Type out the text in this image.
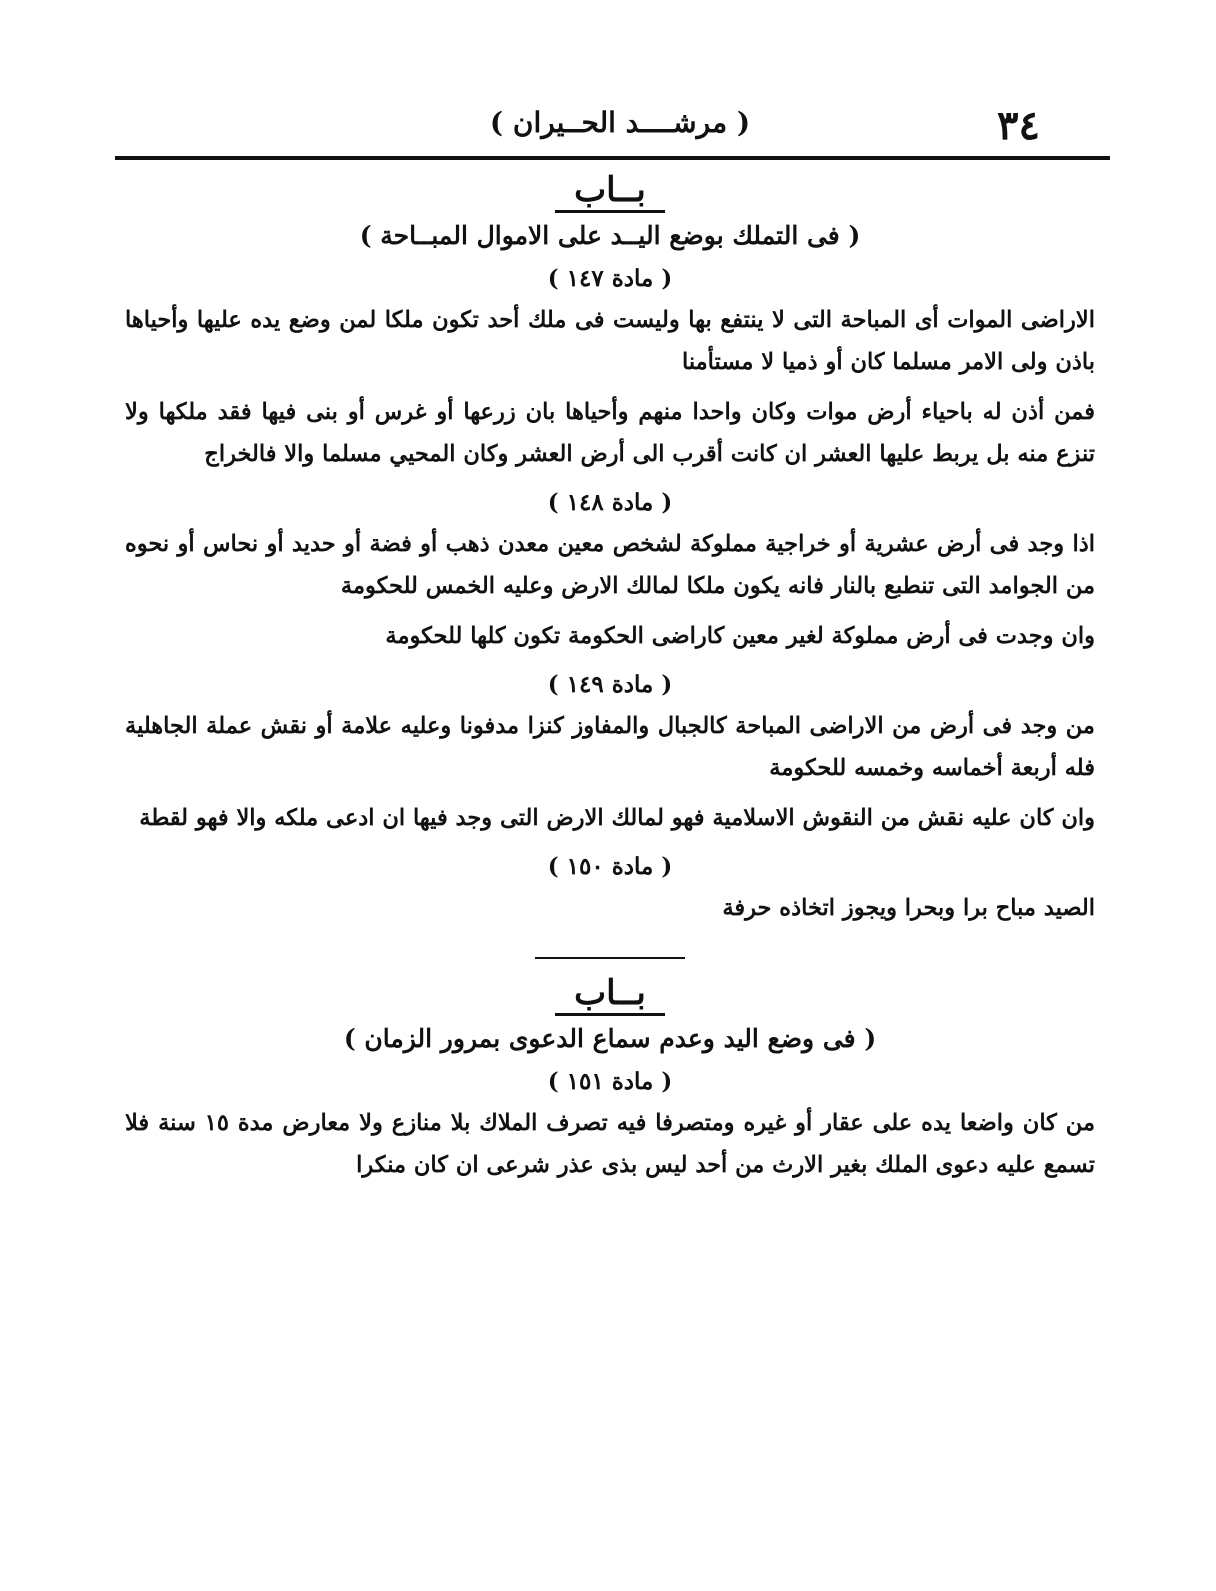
٣٤
( مرشــــد الحــيران )
بــاب
( فى التملك بوضع اليــد على الاموال المبــاحة )
( مادة ١٤٧ )

الاراضى الموات أى المباحة التى لا ينتفع بها وليست فى ملك أحد تكون ملكا لمن وضع يده عليها وأحياها باذن ولى الامر مسلما كان أو ذميا لا مستأمنا

فمن أذن له باحياء أرض موات وكان واحدا منهم وأحياها بان زرعها أو غرس أو بنى فيها فقد ملكها ولا تنزع منه بل يربط عليها العشر ان كانت أقرب الى أرض العشر وكان المحيي مسلما والا فالخراج

( مادة ١٤٨ )

اذا وجد فى أرض عشرية أو خراجية مملوكة لشخص معين معدن ذهب أو فضة أو حديد أو نحاس أو نحوه من الجوامد التى تنطبع بالنار فانه يكون ملكا لمالك الارض وعليه الخمس للحكومة

وان وجدت فى أرض مملوكة لغير معين كاراضى الحكومة تكون كلها للحكومة

( مادة ١٤٩ )

من وجد فى أرض من الاراضى المباحة كالجبال والمفاوز كنزا مدفونا وعليه علامة أو نقش عملة الجاهلية فله أربعة أخماسه وخمسه للحكومة

وان كان عليه نقش من النقوش الاسلامية فهو لمالك الارض التى وجد فيها ان ادعى ملكه والا فهو لقطة

( مادة ١٥٠ )

الصيد مباح برا وبحرا ويجوز اتخاذه حرفة

بــاب
( فى وضع اليد وعدم سماع الدعوى بمرور الزمان )
( مادة ١٥١ )

من كان واضعا يده على عقار أو غيره ومتصرفا فيه تصرف الملاك بلا منازع ولا معارض مدة ١٥ سنة فلا تسمع عليه دعوى الملك بغير الارث من أحد ليس بذى عذر شرعى ان كان منكرا
